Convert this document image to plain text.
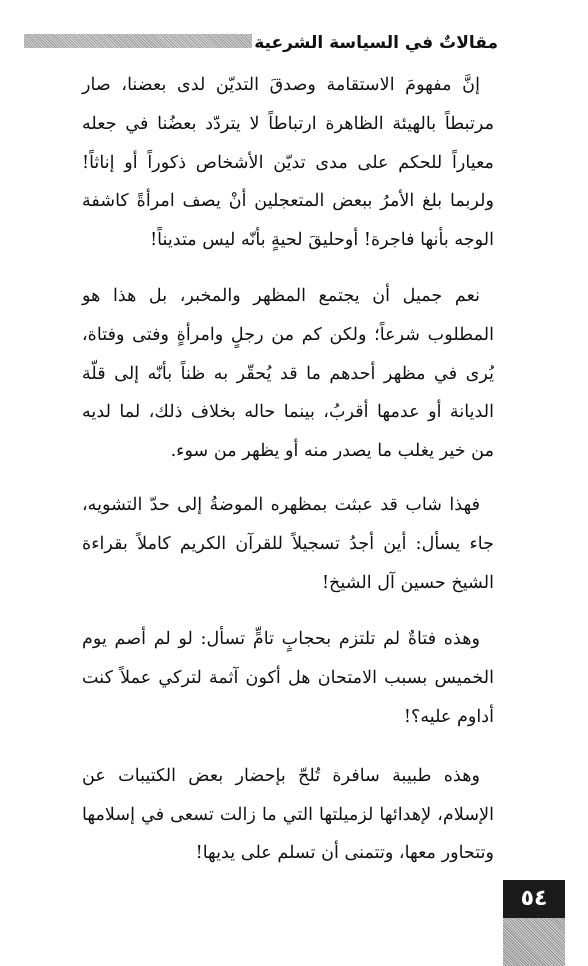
مقالاتٌ في السياسة الشرعية

إنَّ مفهومَ الاستقامة وصدقَ التديّن لدى بعضنا، صار مرتبطاً بالهيئة الظاهرة ارتباطاً لا يتردّد بعضُنا في جعله معياراً للحكم على مدى تديّن الأشخاص ذكوراً أو إناثاً! ولربما بلغ الأمرُ ببعض المتعجلين أنْ يصف امرأةً كاشفة الوجه بأنها فاجرة! أوحليقَ لحيةٍ بأنّه ليس متديناً!

نعم جميل أن يجتمع المظهر والمخبر، بل هذا هو المطلوب شرعاً؛ ولكن كم من رجلٍ وامرأةٍ وفتى وفتاة، يُرى في مظهر أحدهم ما قد يُحقّر به ظناً بأنّه إلى قلّة الديانة أو عدمها أقربُ، بينما حاله بخلاف ذلك، لما لديه من خير يغلب ما يصدر منه أو يظهر من سوء.

فهذا شاب قد عبثت بمظهره الموضةُ إلى حدّ التشويه، جاء يسأل: أين أجدُ تسجيلاً للقرآن الكريم كاملاً بقراءة الشيخ حسين آل الشيخ!

وهذه فتاةٌ لم تلتزم بحجابٍ تامٍّ تسأل: لو لم أصم يوم الخميس بسبب الامتحان هل أكون آثمة لتركي عملاً كنت أداوم عليه؟!

وهذه طبيبة سافرة تُلحّ بإحضار بعض الكتيبات عن الإسلام، لإهدائها لزميلتها التي ما زالت تسعى في إسلامها وتتحاور معها، وتتمنى أن تسلم على يديها!

٥٤
